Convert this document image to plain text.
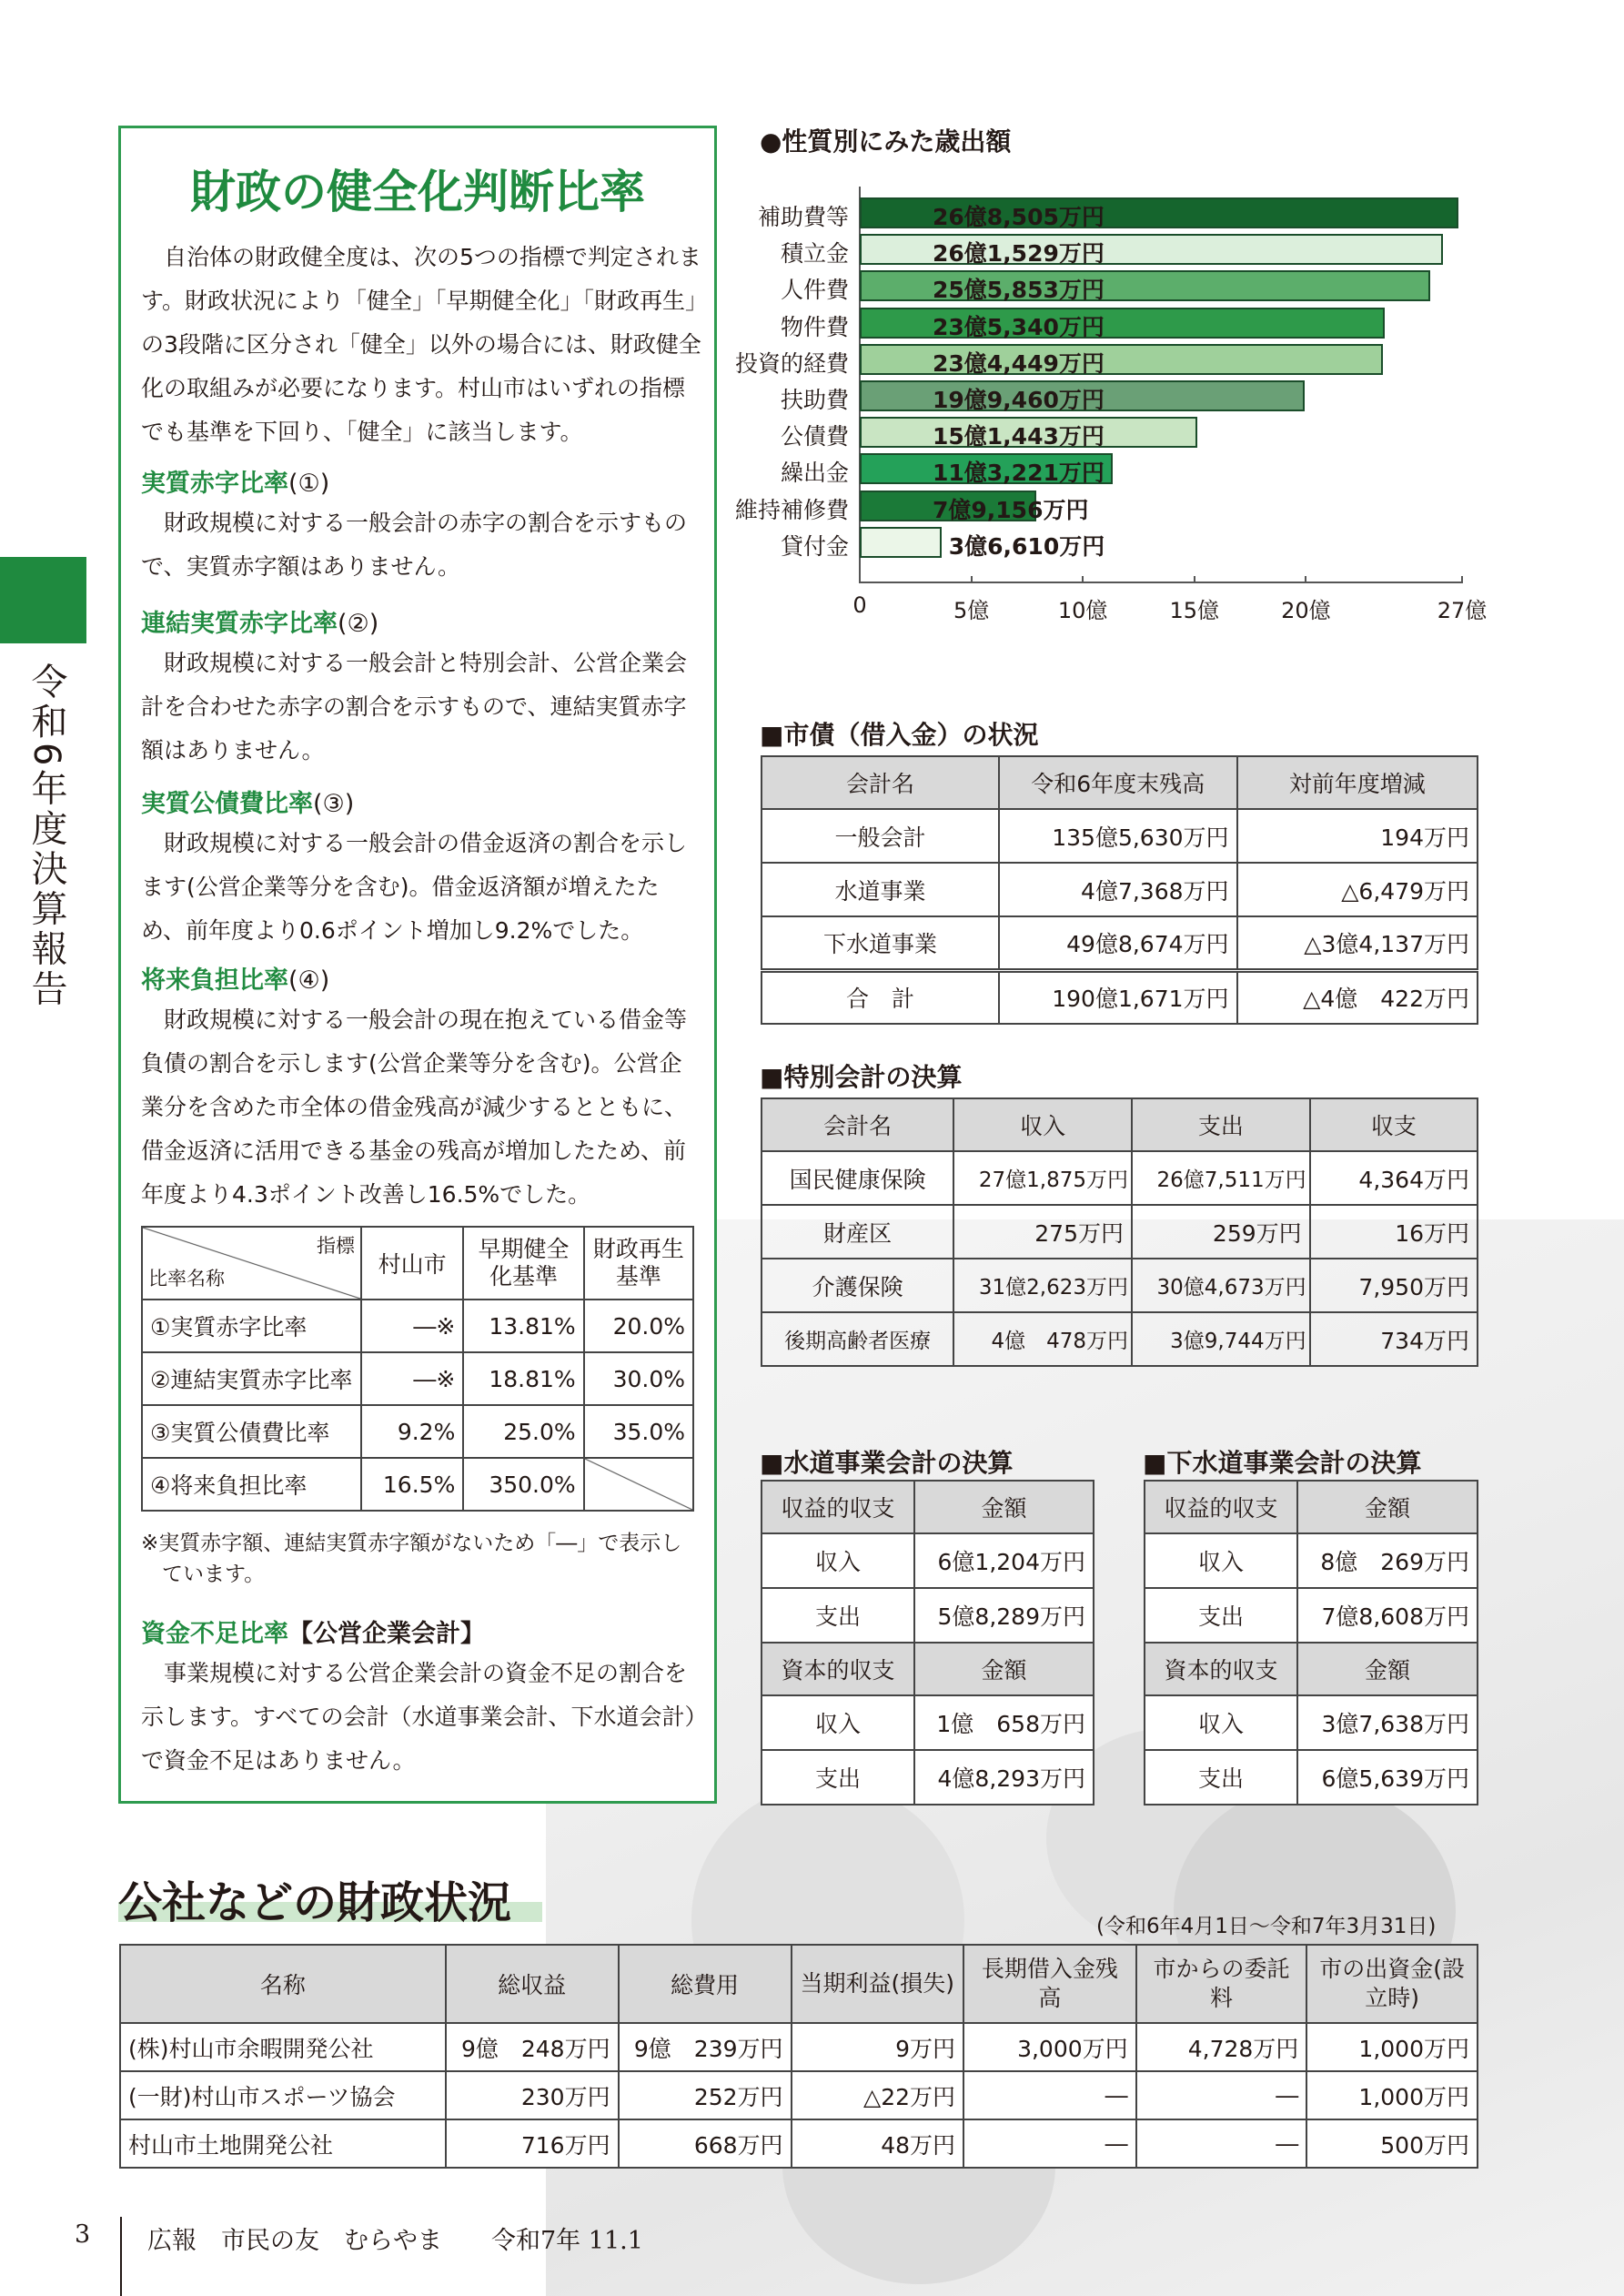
令和6年度決算報告
財政の健全化判断比率
自治体の財政健全度は、次の5つの指標で判定されます。財政状況により「健全」「早期健全化」「財政再生」の3段階に区分され「健全」以外の場合には、財政健全化の取組みが必要になります。村山市はいずれの指標でも基準を下回り、「健全」に該当します。
実質赤字比率(①)
財政規模に対する一般会計の赤字の割合を示すもので、実質赤字額はありません。
連結実質赤字比率(②)
財政規模に対する一般会計と特別会計、公営企業会計を合わせた赤字の割合を示すもので、連結実質赤字額はありません。
実質公債費比率(③)
財政規模に対する一般会計の借金返済の割合を示します(公営企業等分を含む)。借金返済額が増えたため、前年度より0.6ポイント増加し9.2%でした。
将来負担比率(④)
財政規模に対する一般会計の現在抱えている借金等負債の割合を示します(公営企業等分を含む)。公営企業分を含めた市全体の借金残高が減少するとともに、借金返済に活用できる基金の残高が増加したため、前年度より4.3ポイント改善し16.5%でした。
指標
比率名称	村山市	早期健全化基準	財政再生基準
①実質赤字比率	―※	13.81%	20.0%
②連結実質赤字比率	―※	18.81%	30.0%
③実質公債費比率	9.2%	25.0%	35.0%
④将来負担比率	16.5%	350.0%	
※実質赤字額、連結実質赤字額がないため「―」で表示しています。
資金不足比率【公営企業会計】
事業規模に対する公営企業会計の資金不足の割合を示します。すべての会計（水道事業会計、下水道会計）で資金不足はありません。
●性質別にみた歳出額
補助費等	26億8,505万円
積立金	26億1,529万円
人件費	25億5,853万円
物件費	23億5,340万円
投資的経費	23億4,449万円
扶助費	19億9,460万円
公債費	15億1,443万円
繰出金	11億3,221万円
維持補修費	7億9,156万円
貸付金	3億6,610万円
0	5億	10億	15億	20億	27億
■市債（借入金）の状況
会計名	令和6年度末残高	対前年度増減
一般会計	135億5,630万円	194万円
水道事業	4億7,368万円	△6,479万円
下水道事業	49億8,674万円	△3億4,137万円
合　計	190億1,671万円	△4億　422万円
■特別会計の決算
会計名	収入	支出	収支
国民健康保険	27億1,875万円	26億7,511万円	4,364万円
財産区	275万円	259万円	16万円
介護保険	31億2,623万円	30億4,673万円	7,950万円
後期高齢者医療	4億　478万円	3億9,744万円	734万円
■水道事業会計の決算
収益的収支	金額
収入	6億1,204万円
支出	5億8,289万円
資本的収支	金額
収入	1億　658万円
支出	4億8,293万円
■下水道事業会計の決算
収益的収支	金額
収入	8億　269万円
支出	7億8,608万円
資本的収支	金額
収入	3億7,638万円
支出	6億5,639万円
公社などの財政状況	(令和6年4月1日〜令和7年3月31日)
名称	総収益	総費用	当期利益(損失)	長期借入金残高	市からの委託料	市の出資金(設立時)
(株)村山市余暇開発公社	9億　248万円	9億　239万円	9万円	3,000万円	4,728万円	1,000万円
(一財)村山市スポーツ協会	230万円	252万円	△22万円	―	―	1,000万円
村山市土地開発公社	716万円	668万円	48万円	―	―	500万円
3 広報　市民の友　むらやま　　令和7年 11.1
